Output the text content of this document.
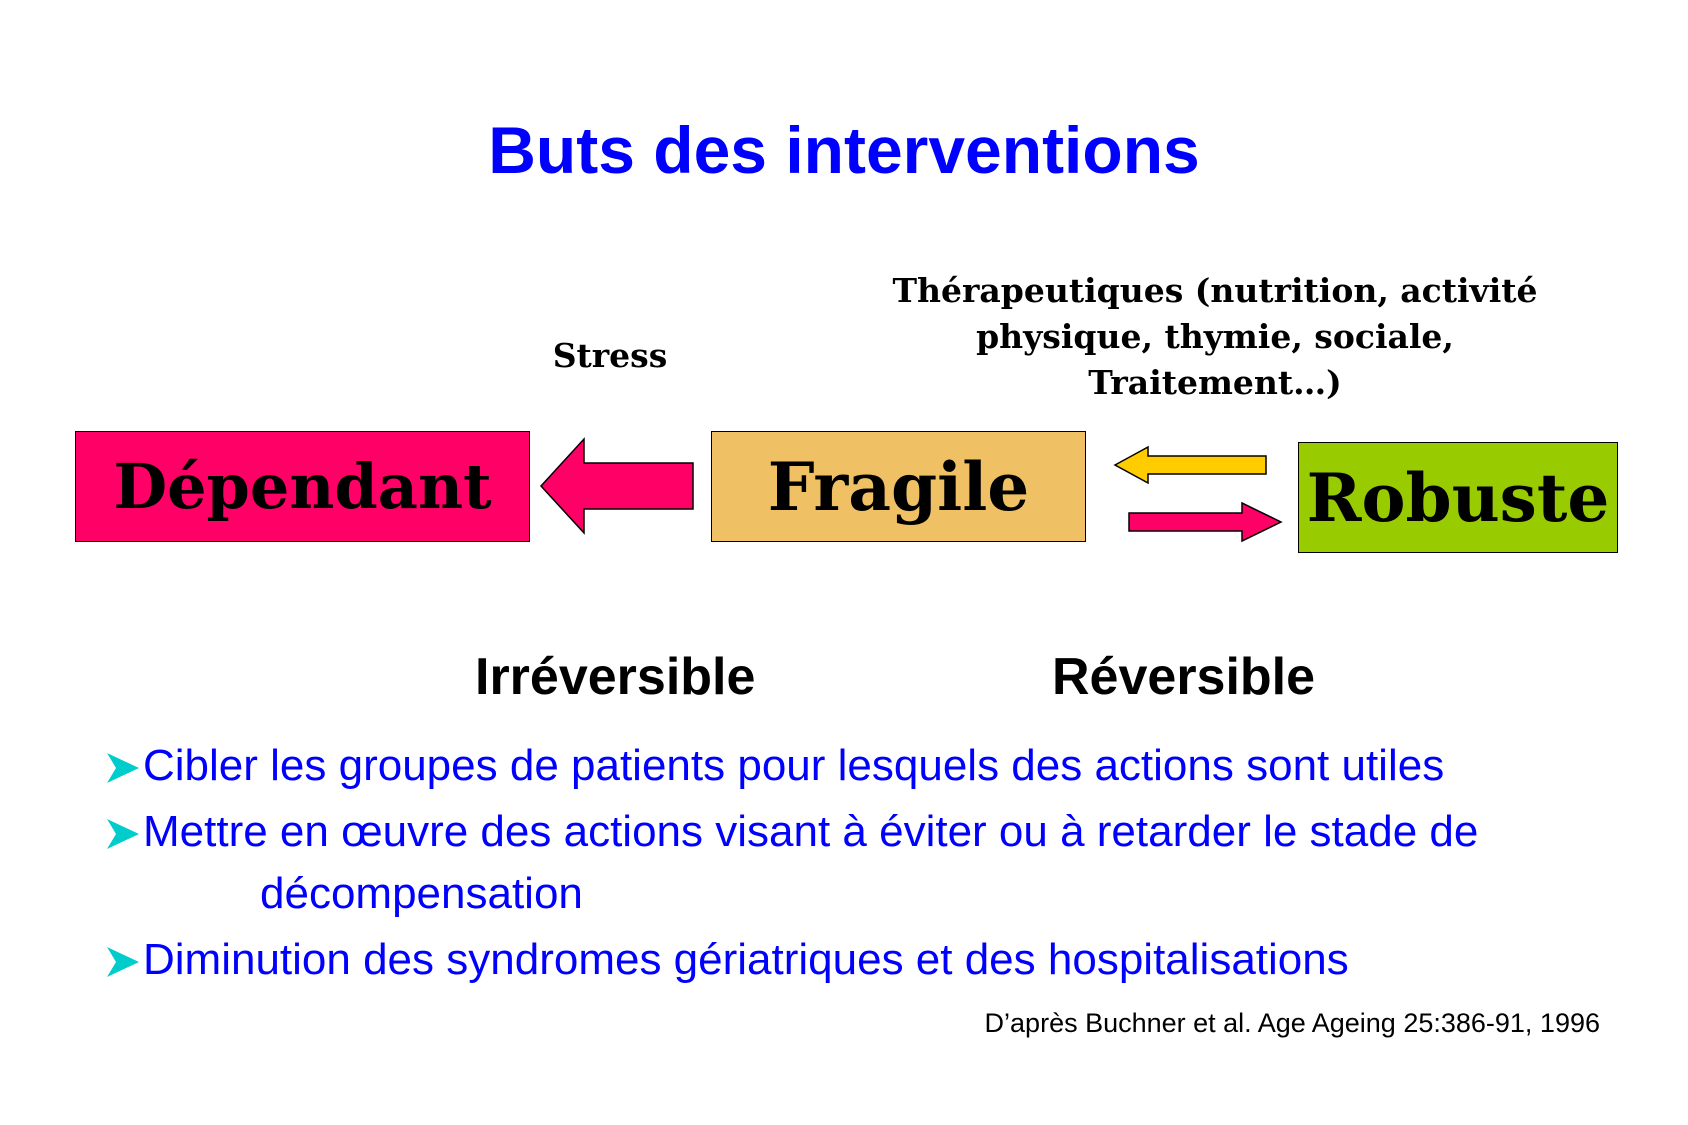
Buts des interventions
Stress
Thérapeutiques (nutrition, activité physique, thymie, sociale, Traitement…)
Dépendant	Fragile	Robuste
Irréversible	Réversible
Cibler les groupes de patients pour lesquels des actions sont utiles
Mettre en œuvre des actions visant à éviter ou à retarder le stade de
décompensation
Diminution des syndromes gériatriques et des hospitalisations
D’après Buchner et al. Age Ageing 25:386-91, 1996
